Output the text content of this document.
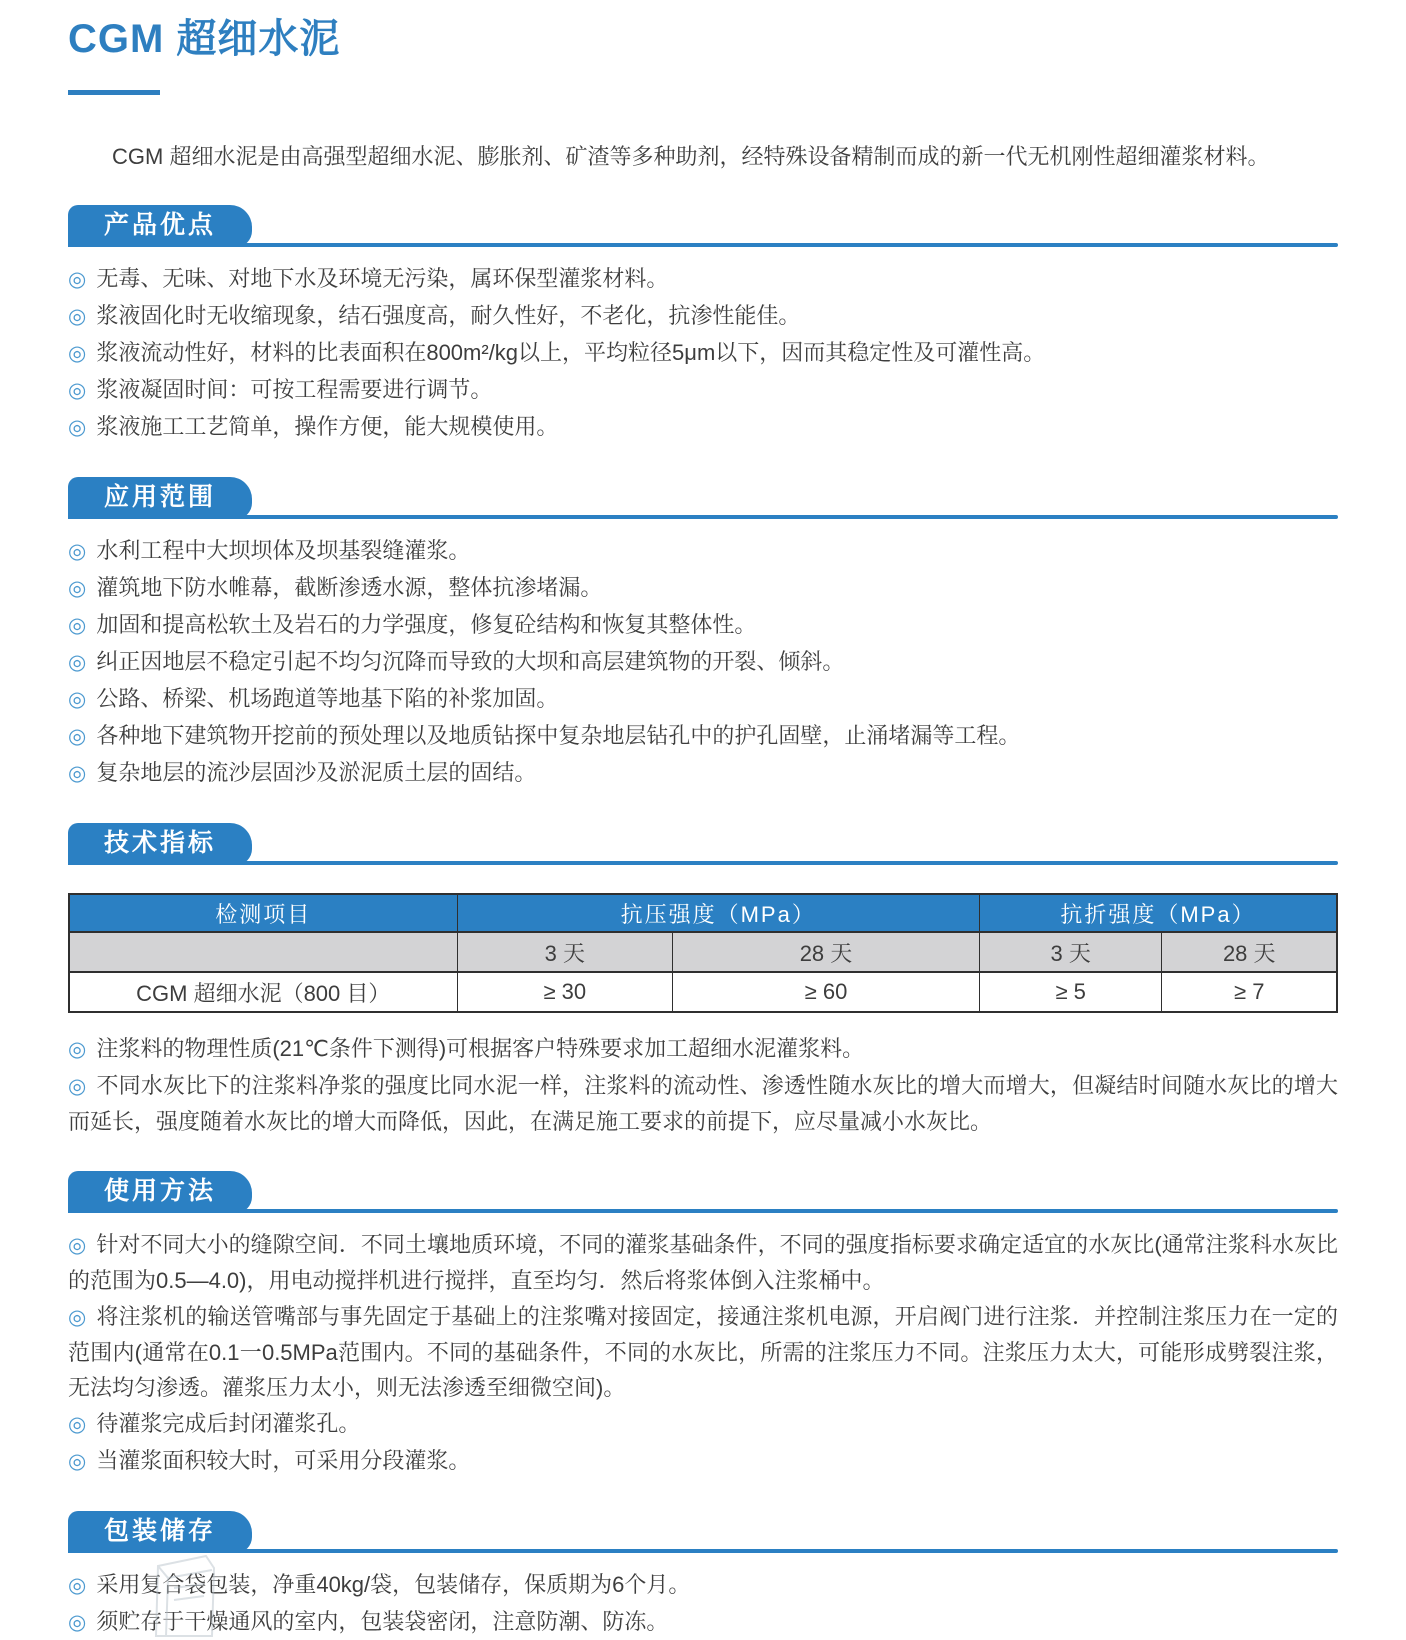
CGM 超细水泥

CGM 超细水泥是由高强型超细水泥、膨胀剂、矿渣等多种助剂，经特殊设备精制而成的新一代无机刚性超细灌浆材料。

产品优点
◎ 无毒、无味、对地下水及环境无污染，属环保型灌浆材料。
◎ 浆液固化时无收缩现象，结石强度高，耐久性好，不老化，抗渗性能佳。
◎ 浆液流动性好，材料的比表面积在800m²/kg以上，平均粒径5μm以下，因而其稳定性及可灌性高。
◎ 浆液凝固时间：可按工程需要进行调节。
◎ 浆液施工工艺简单，操作方便，能大规模使用。
应用范围
◎ 水利工程中大坝坝体及坝基裂缝灌浆。
◎ 灌筑地下防水帷幕，截断渗透水源，整体抗渗堵漏。
◎ 加固和提高松软土及岩石的力学强度，修复砼结构和恢复其整体性。
◎ 纠正因地层不稳定引起不均匀沉降而导致的大坝和高层建筑物的开裂、倾斜。
◎ 公路、桥梁、机场跑道等地基下陷的补浆加固。
◎ 各种地下建筑物开挖前的预处理以及地质钻探中复杂地层钻孔中的护孔固壁，止涌堵漏等工程。
◎ 复杂地层的流沙层固沙及淤泥质土层的固结。
技术指标
检测项目	抗压强度（MPa）		抗折强度（MPa）	
	3 天	28 天	3 天	28 天
CGM 超细水泥（800 目）	≥ 30	≥ 60	≥ 5	≥ 7
◎ 注浆料的物理性质(21℃条件下测得)可根据客户特殊要求加工超细水泥灌浆料。
◎ 不同水灰比下的注浆料净浆的强度比同水泥一样，注浆料的流动性、渗透性随水灰比的增大而增大，但凝结时间随水灰比的增大而延长，强度随着水灰比的增大而降低，因此，在满足施工要求的前提下，应尽量减小水灰比。
使用方法
◎ 针对不同大小的缝隙空间．不同土壤地质环境，不同的灌浆基础条件，不同的强度指标要求确定适宜的水灰比(通常注浆科水灰比的范围为0.5—4.0)，用电动搅拌机进行搅拌，直至均匀．然后将浆体倒入注浆桶中。
◎ 将注浆机的输送管嘴部与事先固定于基础上的注浆嘴对接固定，接通注浆机电源，开启阀门进行注浆．并控制注浆压力在一定的范围内(通常在0.1一0.5MPa范围内。不同的基础条件，不同的水灰比，所需的注浆压力不同。注浆压力太大，可能形成劈裂注浆，无法均匀渗透。灌浆压力太小，则无法渗透至细微空间)。
◎ 待灌浆完成后封闭灌浆孔。
◎ 当灌浆面积较大时，可采用分段灌浆。
包装储存
◎ 采用复合袋包装，净重40kg/袋，包装储存，保质期为6个月。
◎ 须贮存于干燥通风的室内，包装袋密闭，注意防潮、防冻。
